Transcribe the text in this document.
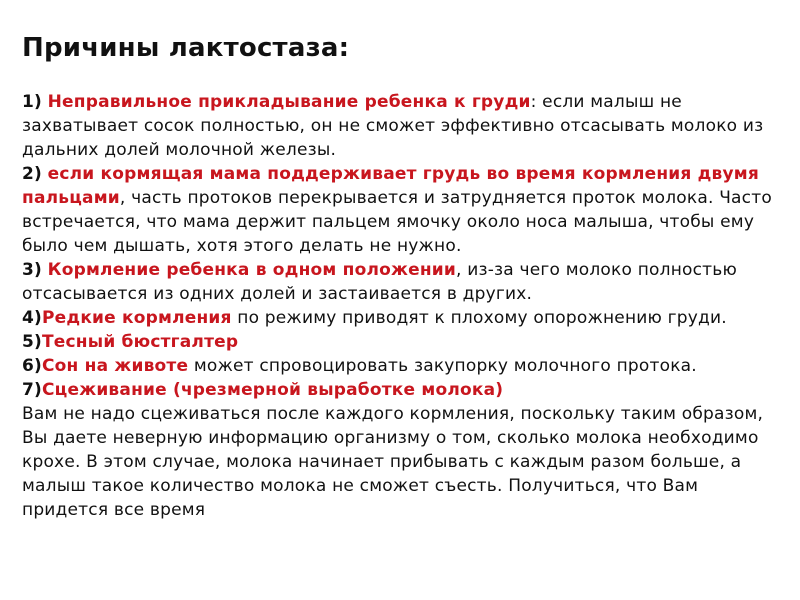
Причины лактостаза:

1) Неправильное прикладывание ребенка к груди: если малыш не захватывает сосок полностью, он не сможет эффективно отсасывать молоко из дальних долей молочной железы.

2) если кормящая мама поддерживает грудь во время кормления двумя пальцами, часть протоков перекрывается и затрудняется проток молока. Часто встречается, что мама держит пальцем ямочку около носа малыша, чтобы ему было чем дышать, хотя этого делать не нужно.

3) Кормление ребенка в одном положении, из-за чего молоко полностью отсасывается из одних долей и застаивается в других.

4)Редкие кормления по режиму приводят к плохому опорожнению груди.

5)Тесный бюстгалтер

6)Сон на животе может спровоцировать закупорку молочного протока.

7)Сцеживание (чрезмерной выработке молока)

Вам не надо сцеживаться после каждого кормления, поскольку таким образом, Вы даете неверную информацию организму о том, сколько молока необходимо крохе. В этом случае, молока начинает прибывать с каждым разом больше, а малыш такое количество молока не сможет съесть. Получиться, что Вам придется все время
